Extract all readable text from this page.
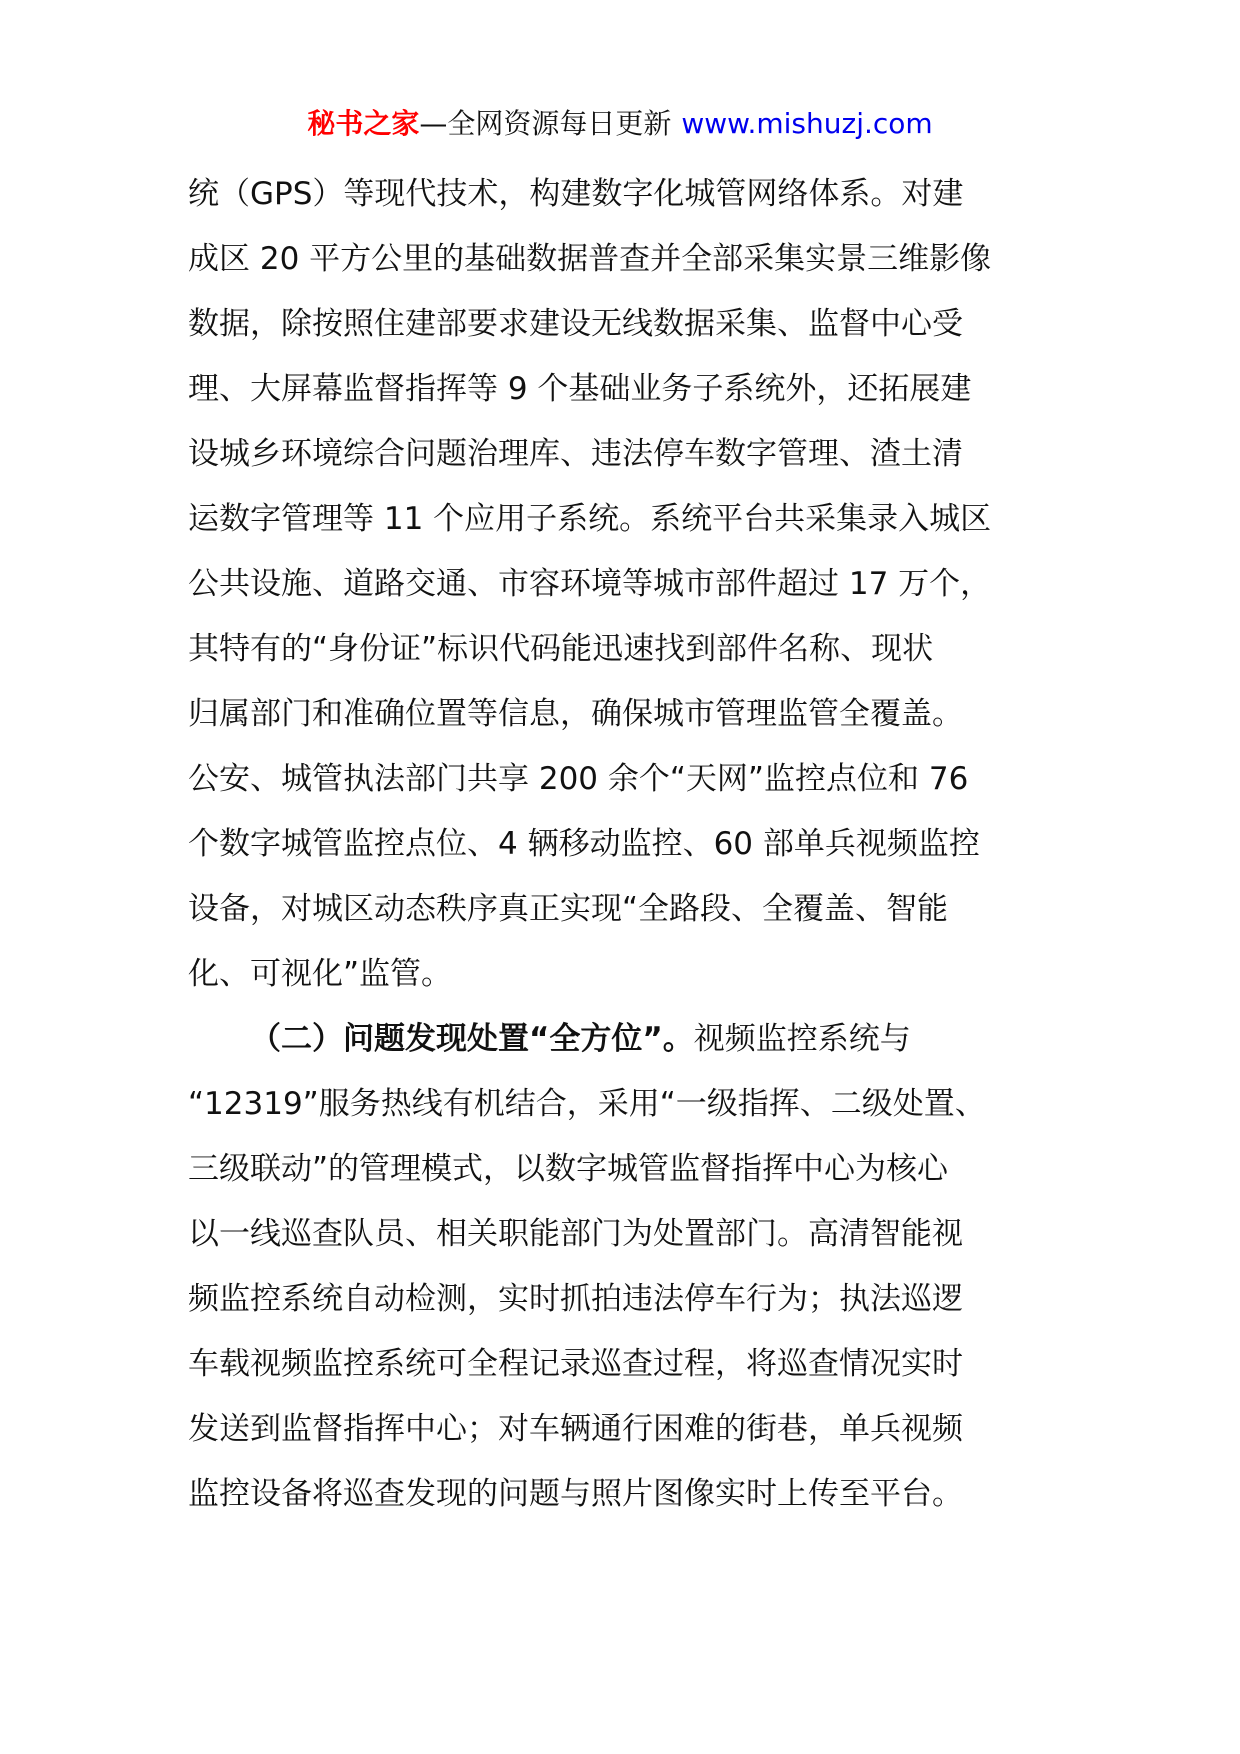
秘书之家—全网资源每日更新 www.mishuzj.com
统（GPS）等现代技术，构建数字化城管网络体系。对建
成区 20 平方公里的基础数据普查并全部采集实景三维影像
数据，除按照住建部要求建设无线数据采集、监督中心受
理、大屏幕监督指挥等 9 个基础业务子系统外，还拓展建
设城乡环境综合问题治理库、违法停车数字管理、渣土清
运数字管理等 11 个应用子系统。系统平台共采集录入城区
公共设施、道路交通、市容环境等城市部件超过 17 万个，
其特有的“身份证”标识代码能迅速找到部件名称、现状
归属部门和准确位置等信息，确保城市管理监管全覆盖。
公安、城管执法部门共享 200 余个“天网”监控点位和 76
个数字城管监控点位、4 辆移动监控、60 部单兵视频监控
设备，对城区动态秩序真正实现“全路段、全覆盖、智能
化、可视化”监管。
（二）问题发现处置“全方位”。视频监控系统与
“12319”服务热线有机结合，采用“一级指挥、二级处置、
三级联动”的管理模式，以数字城管监督指挥中心为核心
以一线巡查队员、相关职能部门为处置部门。高清智能视
频监控系统自动检测，实时抓拍违法停车行为；执法巡逻
车载视频监控系统可全程记录巡查过程，将巡查情况实时
发送到监督指挥中心；对车辆通行困难的街巷，单兵视频
监控设备将巡查发现的问题与照片图像实时上传至平台。
